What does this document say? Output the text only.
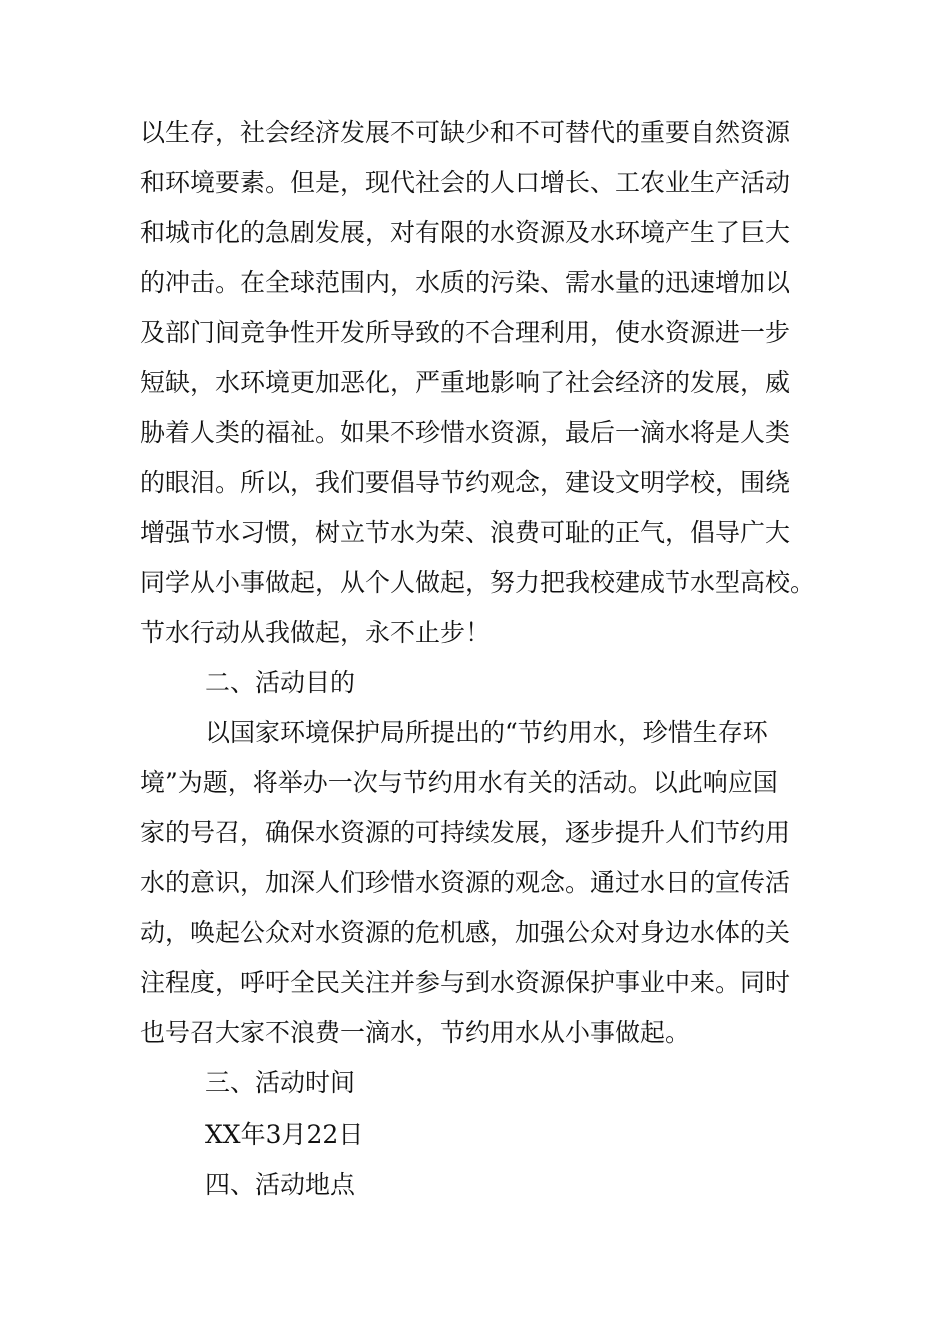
以生存，社会经济发展不可缺少和不可替代的重要自然资源
和环境要素。但是，现代社会的人口增长、工农业生产活动
和城市化的急剧发展，对有限的水资源及水环境产生了巨大
的冲击。在全球范围内，水质的污染、需水量的迅速增加以
及部门间竞争性开发所导致的不合理利用，使水资源进一步
短缺，水环境更加恶化，严重地影响了社会经济的发展，威
胁着人类的福祉。如果不珍惜水资源，最后一滴水将是人类
的眼泪。所以，我们要倡导节约观念，建设文明学校，围绕
增强节水习惯，树立节水为荣、浪费可耻的正气，倡导广大
同学从小事做起，从个人做起，努力把我校建成节水型高校。
节水行动从我做起，永不止步！
二、活动目的
以国家环境保护局所提出的“节约用水，珍惜生存环
境”为题，将举办一次与节约用水有关的活动。以此响应国
家的号召，确保水资源的可持续发展，逐步提升人们节约用
水的意识，加深人们珍惜水资源的观念。通过水日的宣传活
动，唤起公众对水资源的危机感，加强公众对身边水体的关
注程度，呼吁全民关注并参与到水资源保护事业中来。同时
也号召大家不浪费一滴水，节约用水从小事做起。
三、活动时间
XX年3月22日
四、活动地点
